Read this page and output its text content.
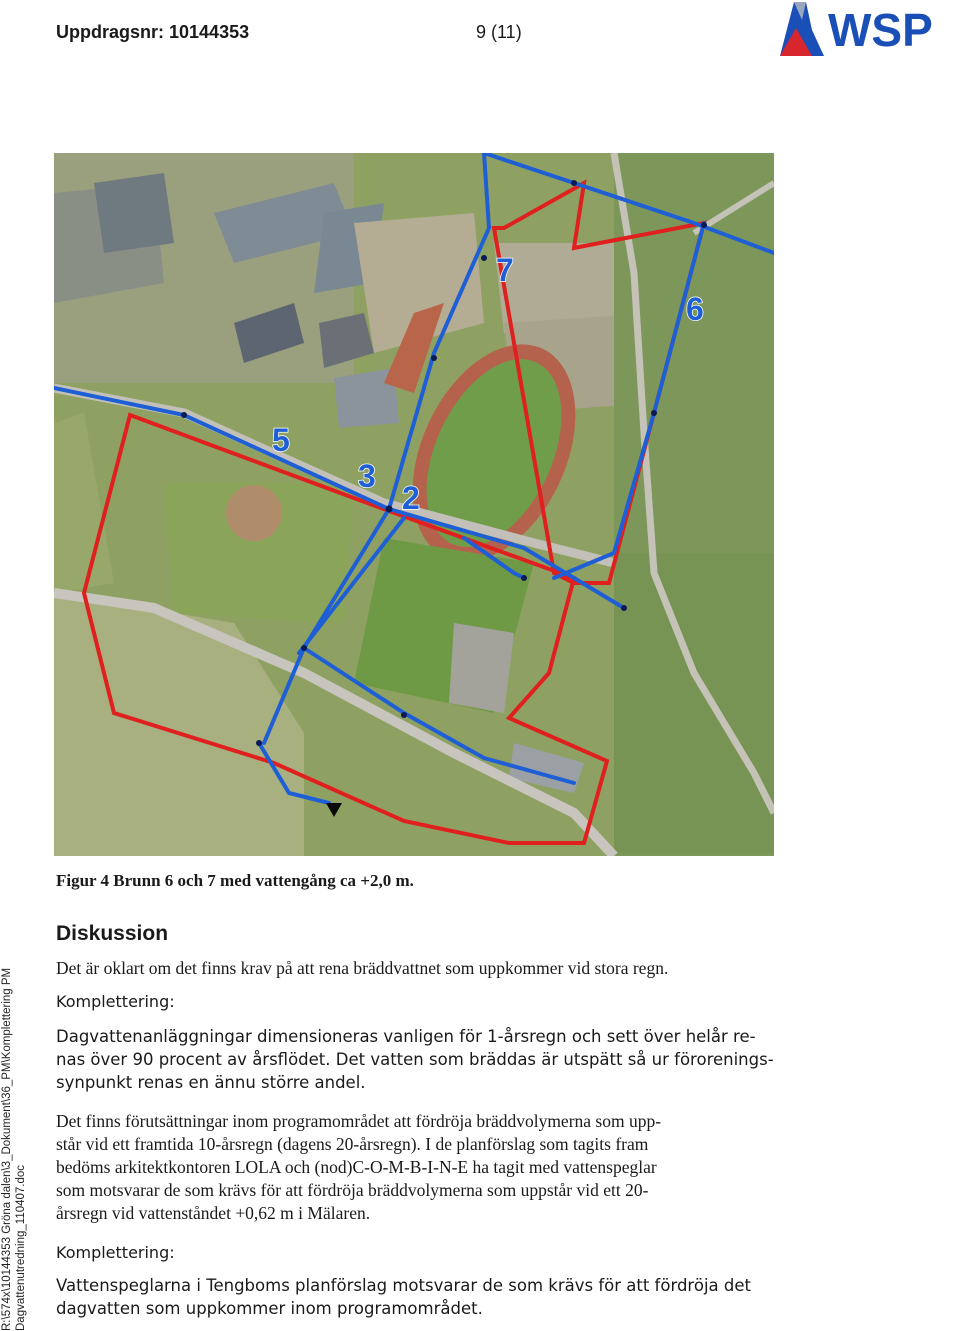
Uppdragsnr: 10144353	9 (11)	WSP
R:\574x\10144353 Gröna dalen\3_Dokument\36_PM\Komplettering PM Dagvattenutredning_110407.doc
7
6
5
3
2
Figur 4 Brunn 6 och 7 med vattengång ca +2,0 m.
Diskussion
Det är oklart om det finns krav på att rena bräddvattnet som uppkommer vid stora regn.
Komplettering:
Dagvattenanläggningar dimensioneras vanligen för 1-årsregn och sett över helår re-
nas över 90 procent av årsflödet. Det vatten som bräddas är utspätt så ur förorenings-
synpunkt renas en ännu större andel.
Det finns förutsättningar inom programområdet att fördröja bräddvolymerna som upp-
står vid ett framtida 10-årsregn (dagens 20-årsregn). I de planförslag som tagits fram
bedöms arkitektkontoren LOLA och (nod)C-O-M-B-I-N-E ha tagit med vattenspeglar
som motsvarar de som krävs för att fördröja bräddvolymerna som uppstår vid ett 20-
årsregn vid vattenståndet +0,62 m i Mälaren.
Komplettering:
Vattenspeglarna i Tengboms planförslag motsvarar de som krävs för att fördröja det
dagvatten som uppkommer inom programområdet.
